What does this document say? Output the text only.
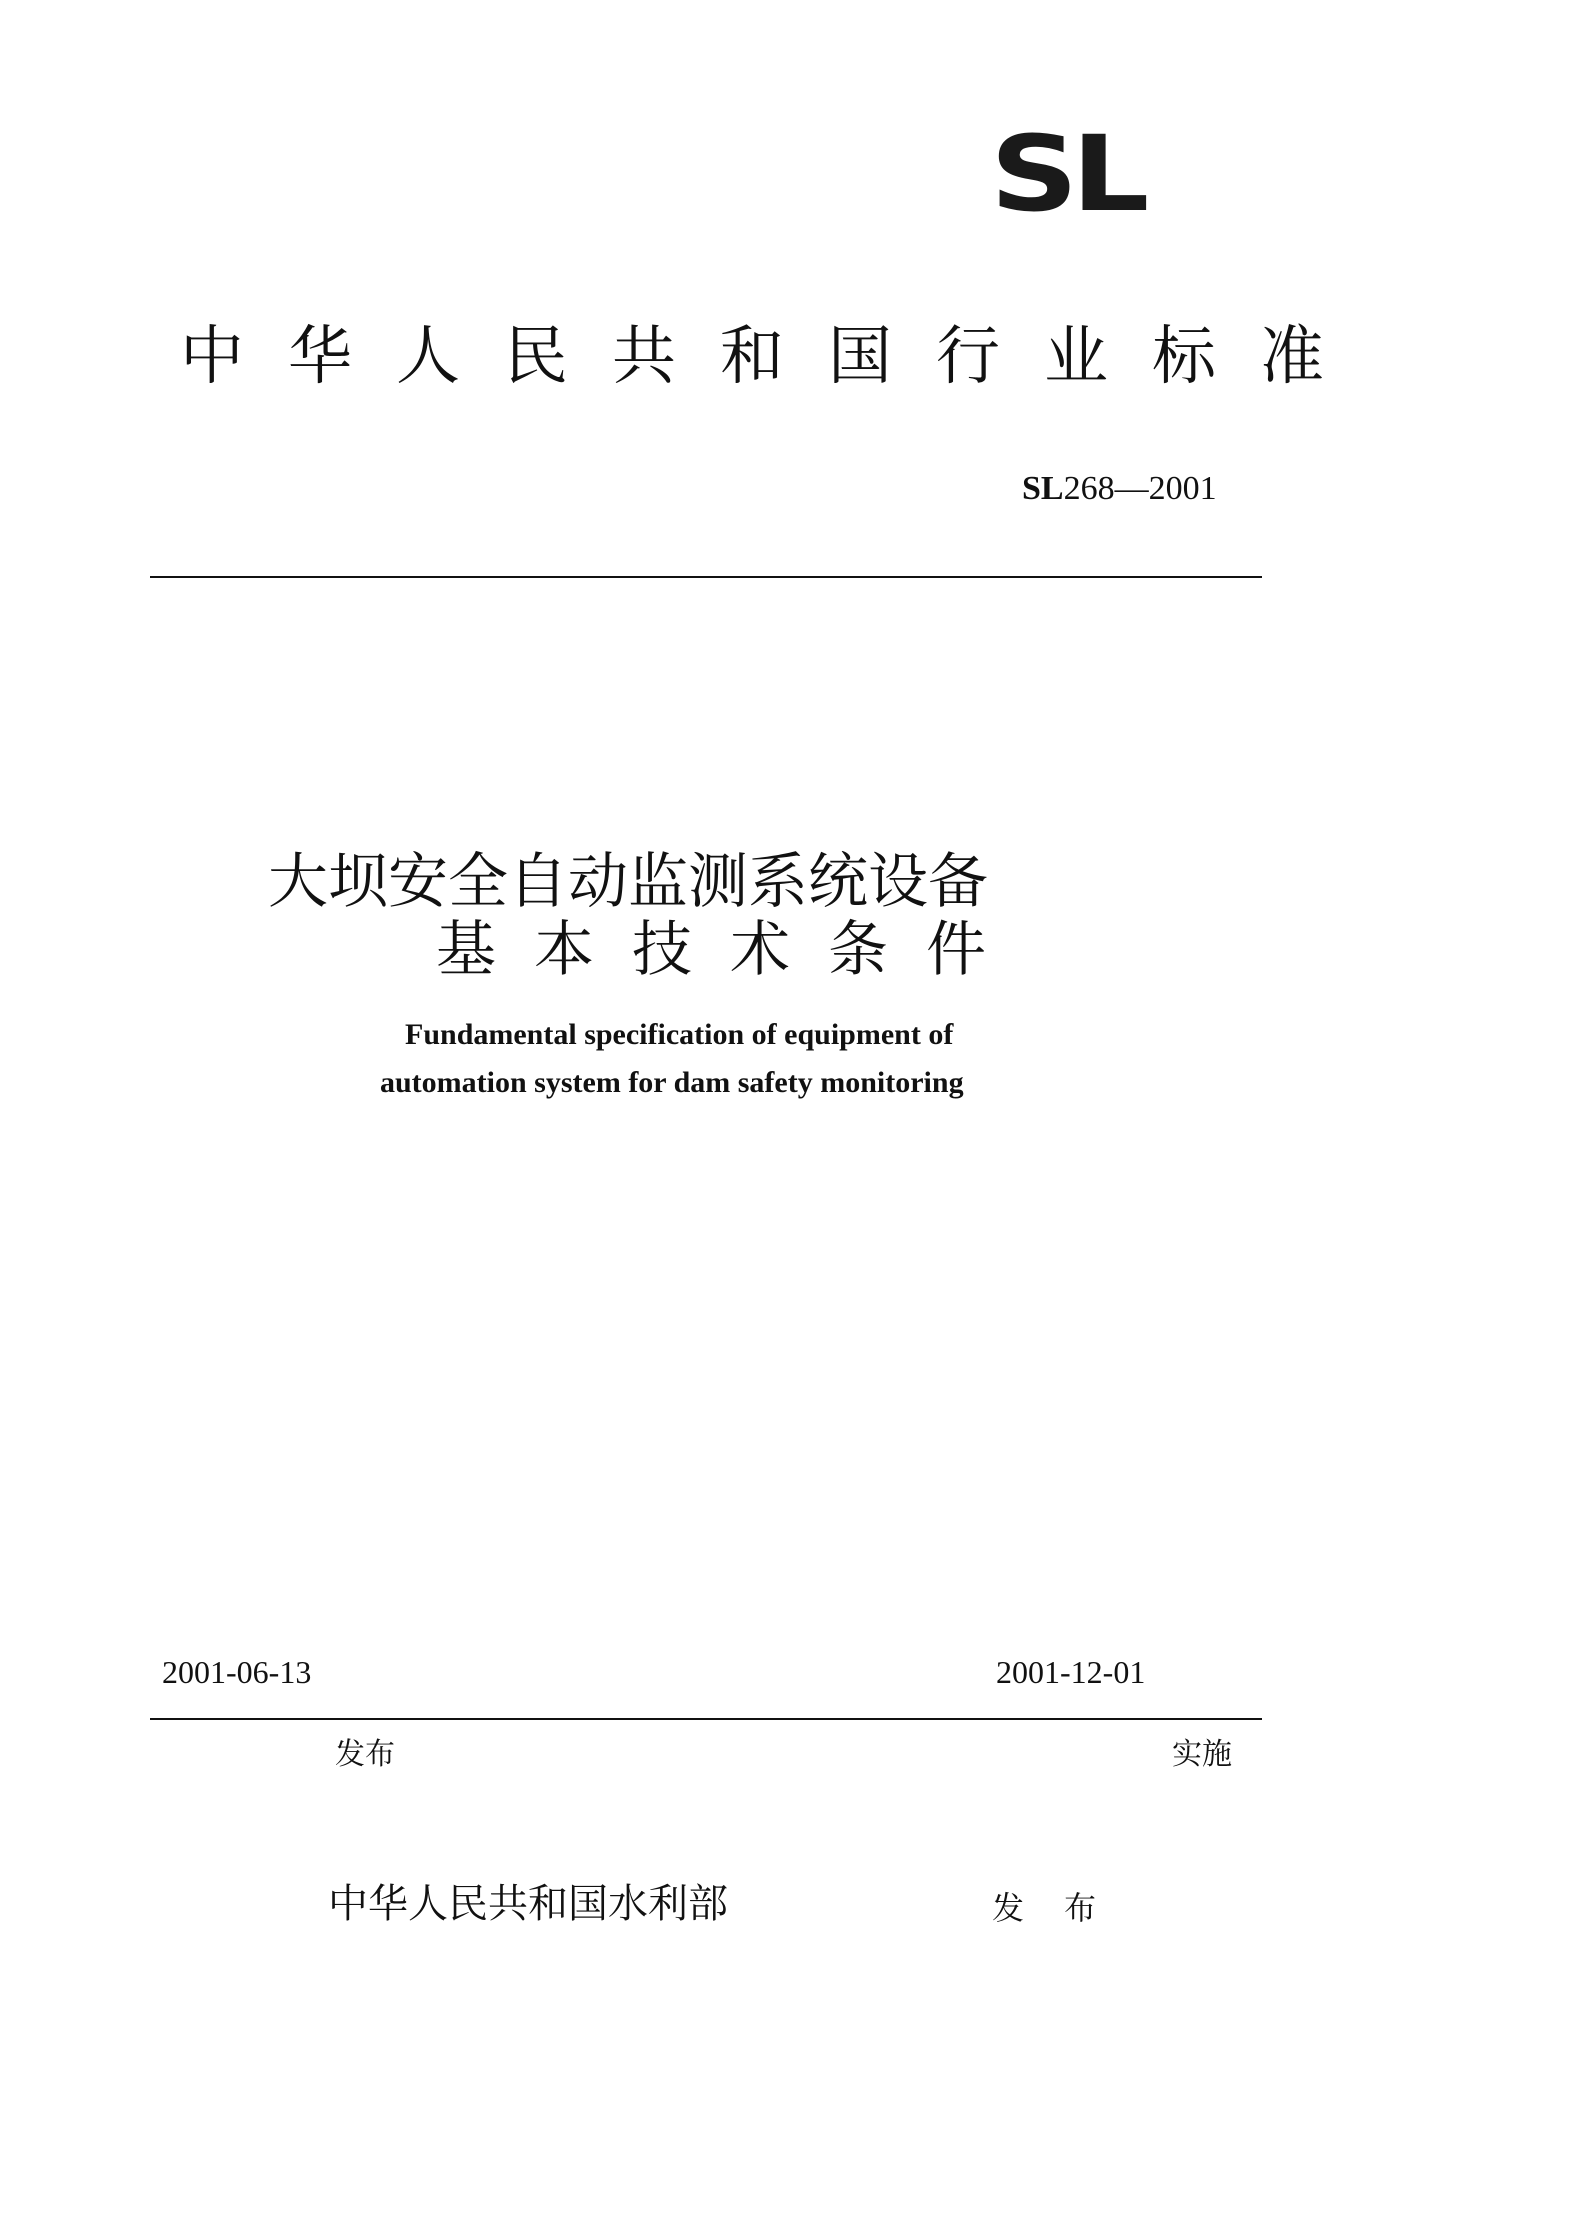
SL
中华人民共和国行业标准
SL268—2001
大坝安全自动监测系统设备
基本技术条件
Fundamental specification of equipment of
automation system for dam safety monitoring
2001-06-13	2001-12-01
发布	实施
中华人民共和国水利部	发布
